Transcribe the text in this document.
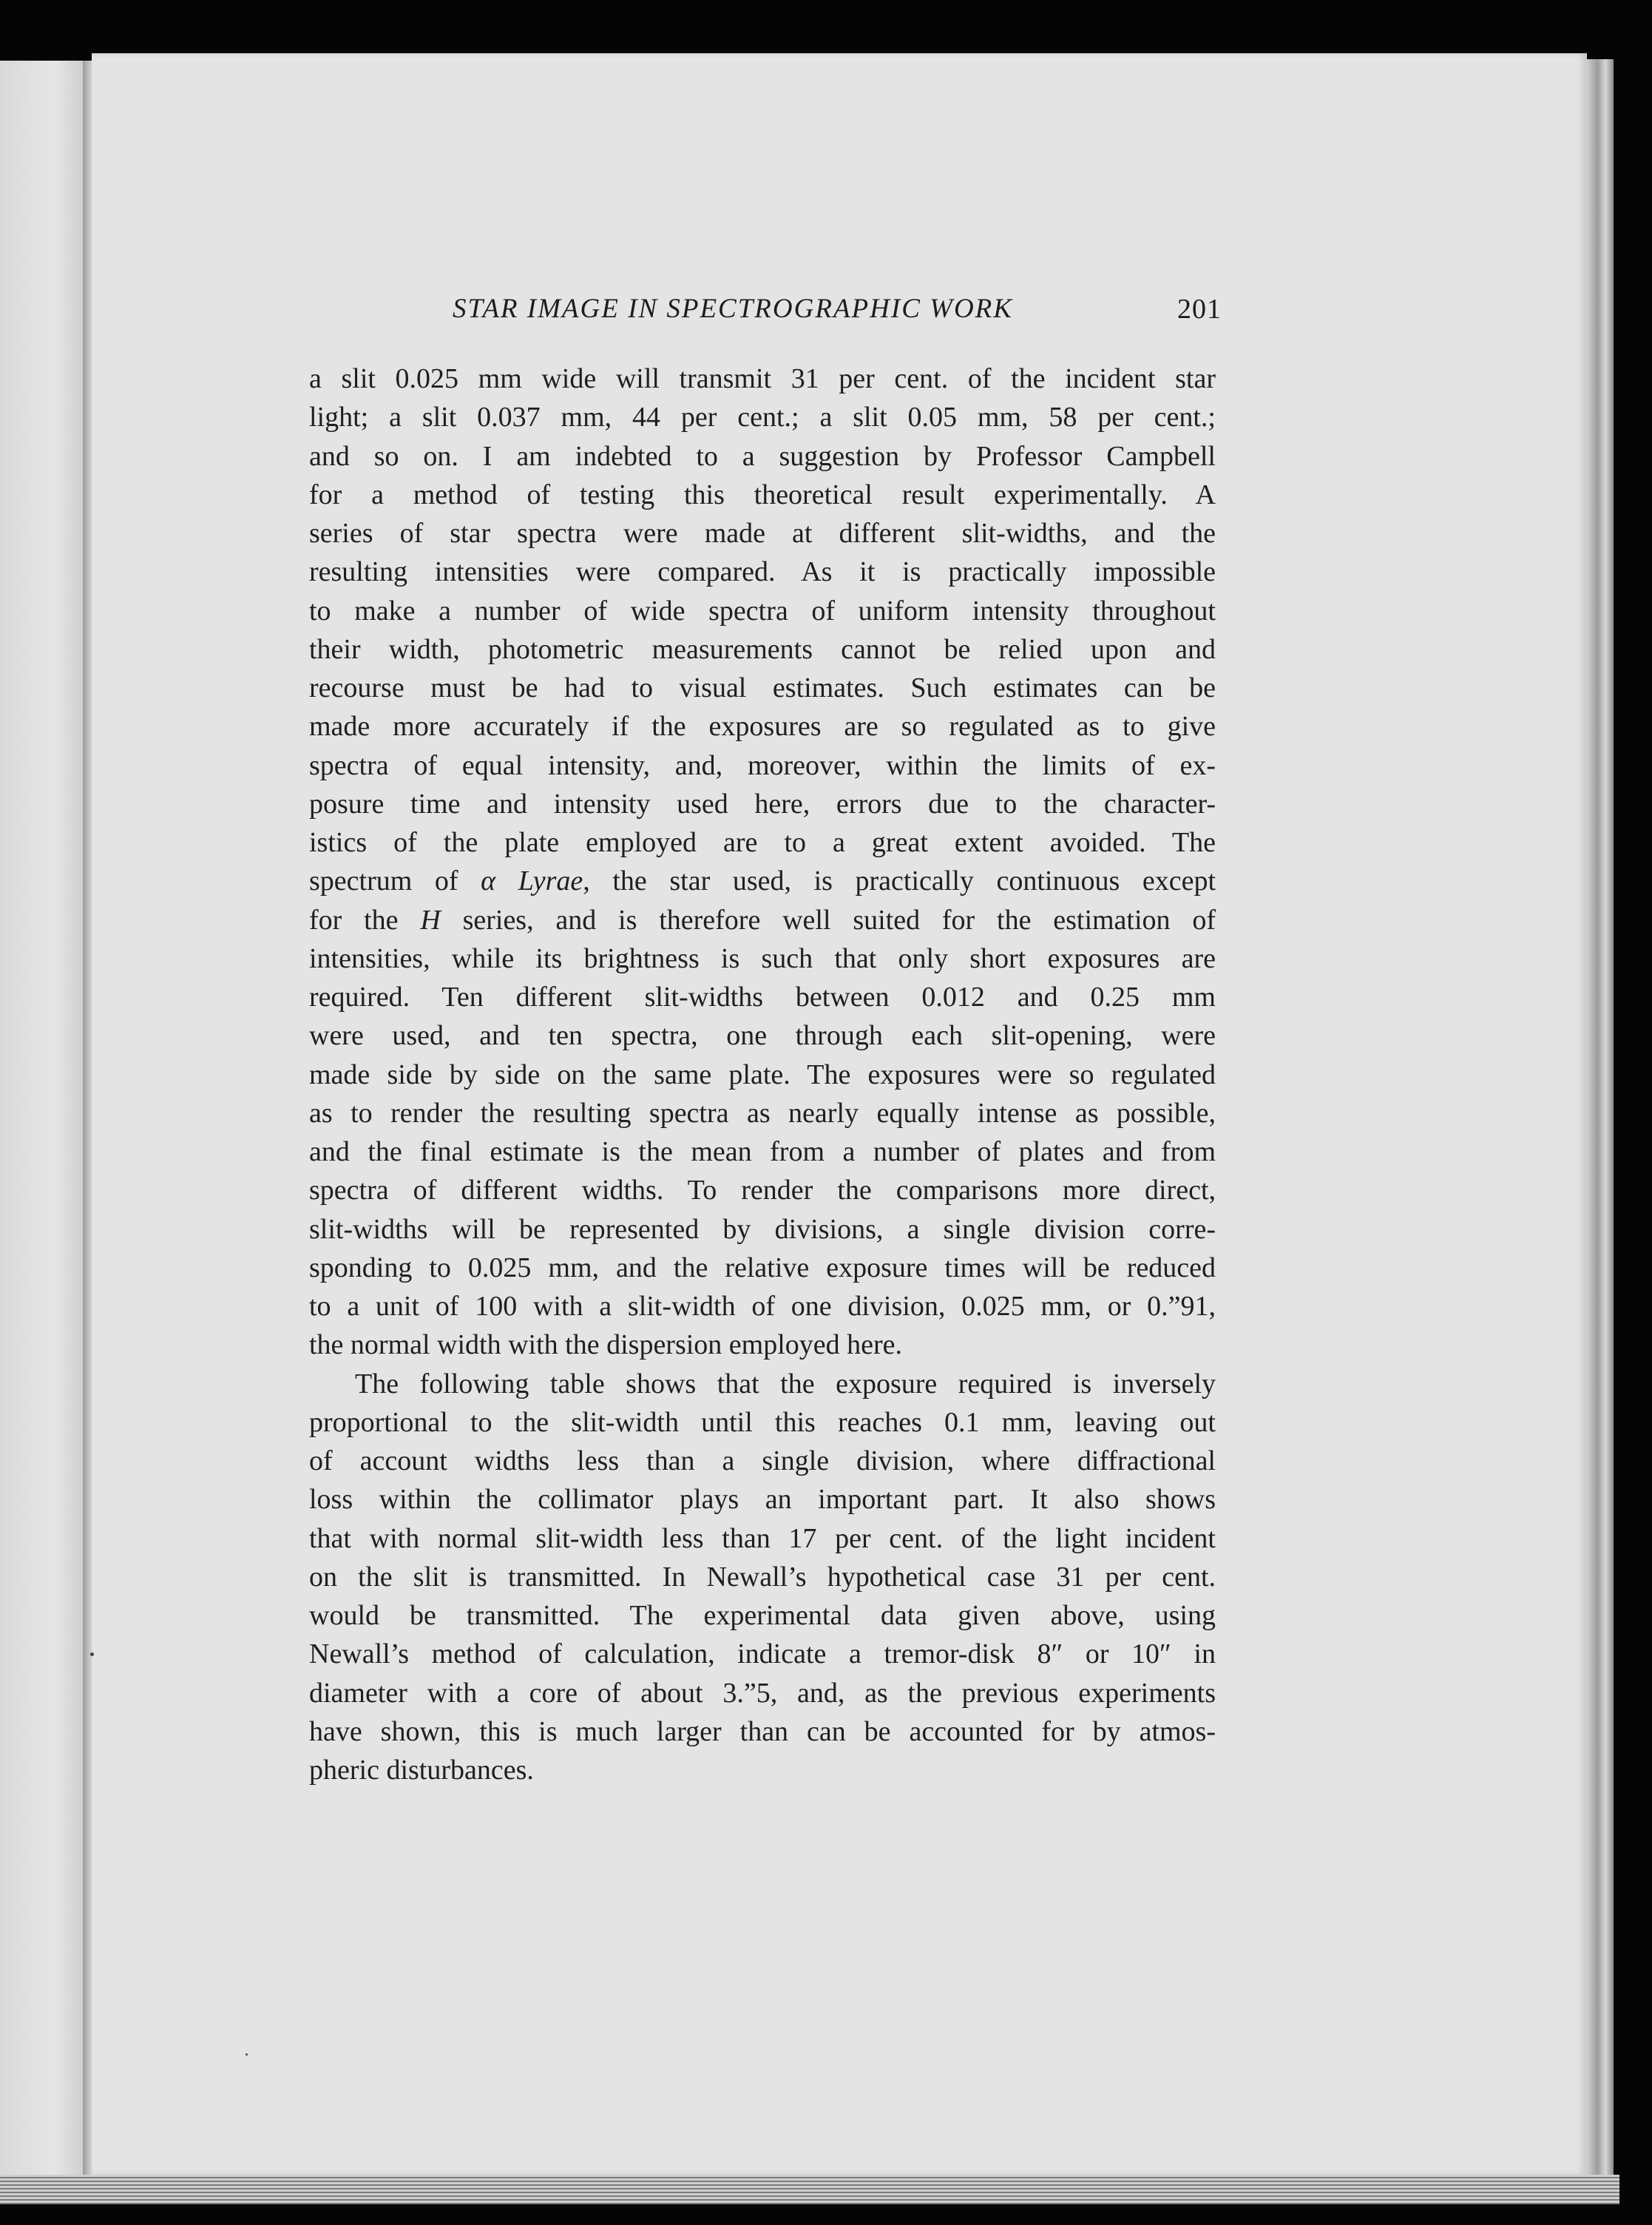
STAR IMAGE IN SPECTROGRAPHIC WORK	201
a slit 0.025 mm wide will transmit 31 per cent. of the incident star
light; a slit 0.037 mm, 44 per cent.; a slit 0.05 mm, 58 per cent.;
and so on. I am indebted to a suggestion by Professor Campbell
for a method of testing this theoretical result experimentally. A
series of star spectra were made at different slit-widths, and the
resulting intensities were compared. As it is practically impossible
to make a number of wide spectra of uniform intensity throughout
their width, photometric measurements cannot be relied upon and
recourse must be had to visual estimates. Such estimates can be
made more accurately if the exposures are so regulated as to give
spectra of equal intensity, and, moreover, within the limits of ex-
posure time and intensity used here, errors due to the character-
istics of the plate employed are to a great extent avoided. The
spectrum of α Lyrae, the star used, is practically continuous except
for the H series, and is therefore well suited for the estimation of
intensities, while its brightness is such that only short exposures are
required. Ten different slit-widths between 0.012 and 0.25 mm
were used, and ten spectra, one through each slit-opening, were
made side by side on the same plate. The exposures were so regulated
as to render the resulting spectra as nearly equally intense as possible,
and the final estimate is the mean from a number of plates and from
spectra of different widths. To render the comparisons more direct,
slit-widths will be represented by divisions, a single division corre-
sponding to 0.025 mm, and the relative exposure times will be reduced
to a unit of 100 with a slit-width of one division, 0.025 mm, or 0.”91,
the normal width with the dispersion employed here.
The following table shows that the exposure required is inversely
proportional to the slit-width until this reaches 0.1 mm, leaving out
of account widths less than a single division, where diffractional
loss within the collimator plays an important part. It also shows
that with normal slit-width less than 17 per cent. of the light incident
on the slit is transmitted. In Newall’s hypothetical case 31 per cent.
would be transmitted. The experimental data given above, using
Newall’s method of calculation, indicate a tremor-disk 8″ or 10″ in
diameter with a core of about 3.”5, and, as the previous experiments
have shown, this is much larger than can be accounted for by atmos-
pheric disturbances.
